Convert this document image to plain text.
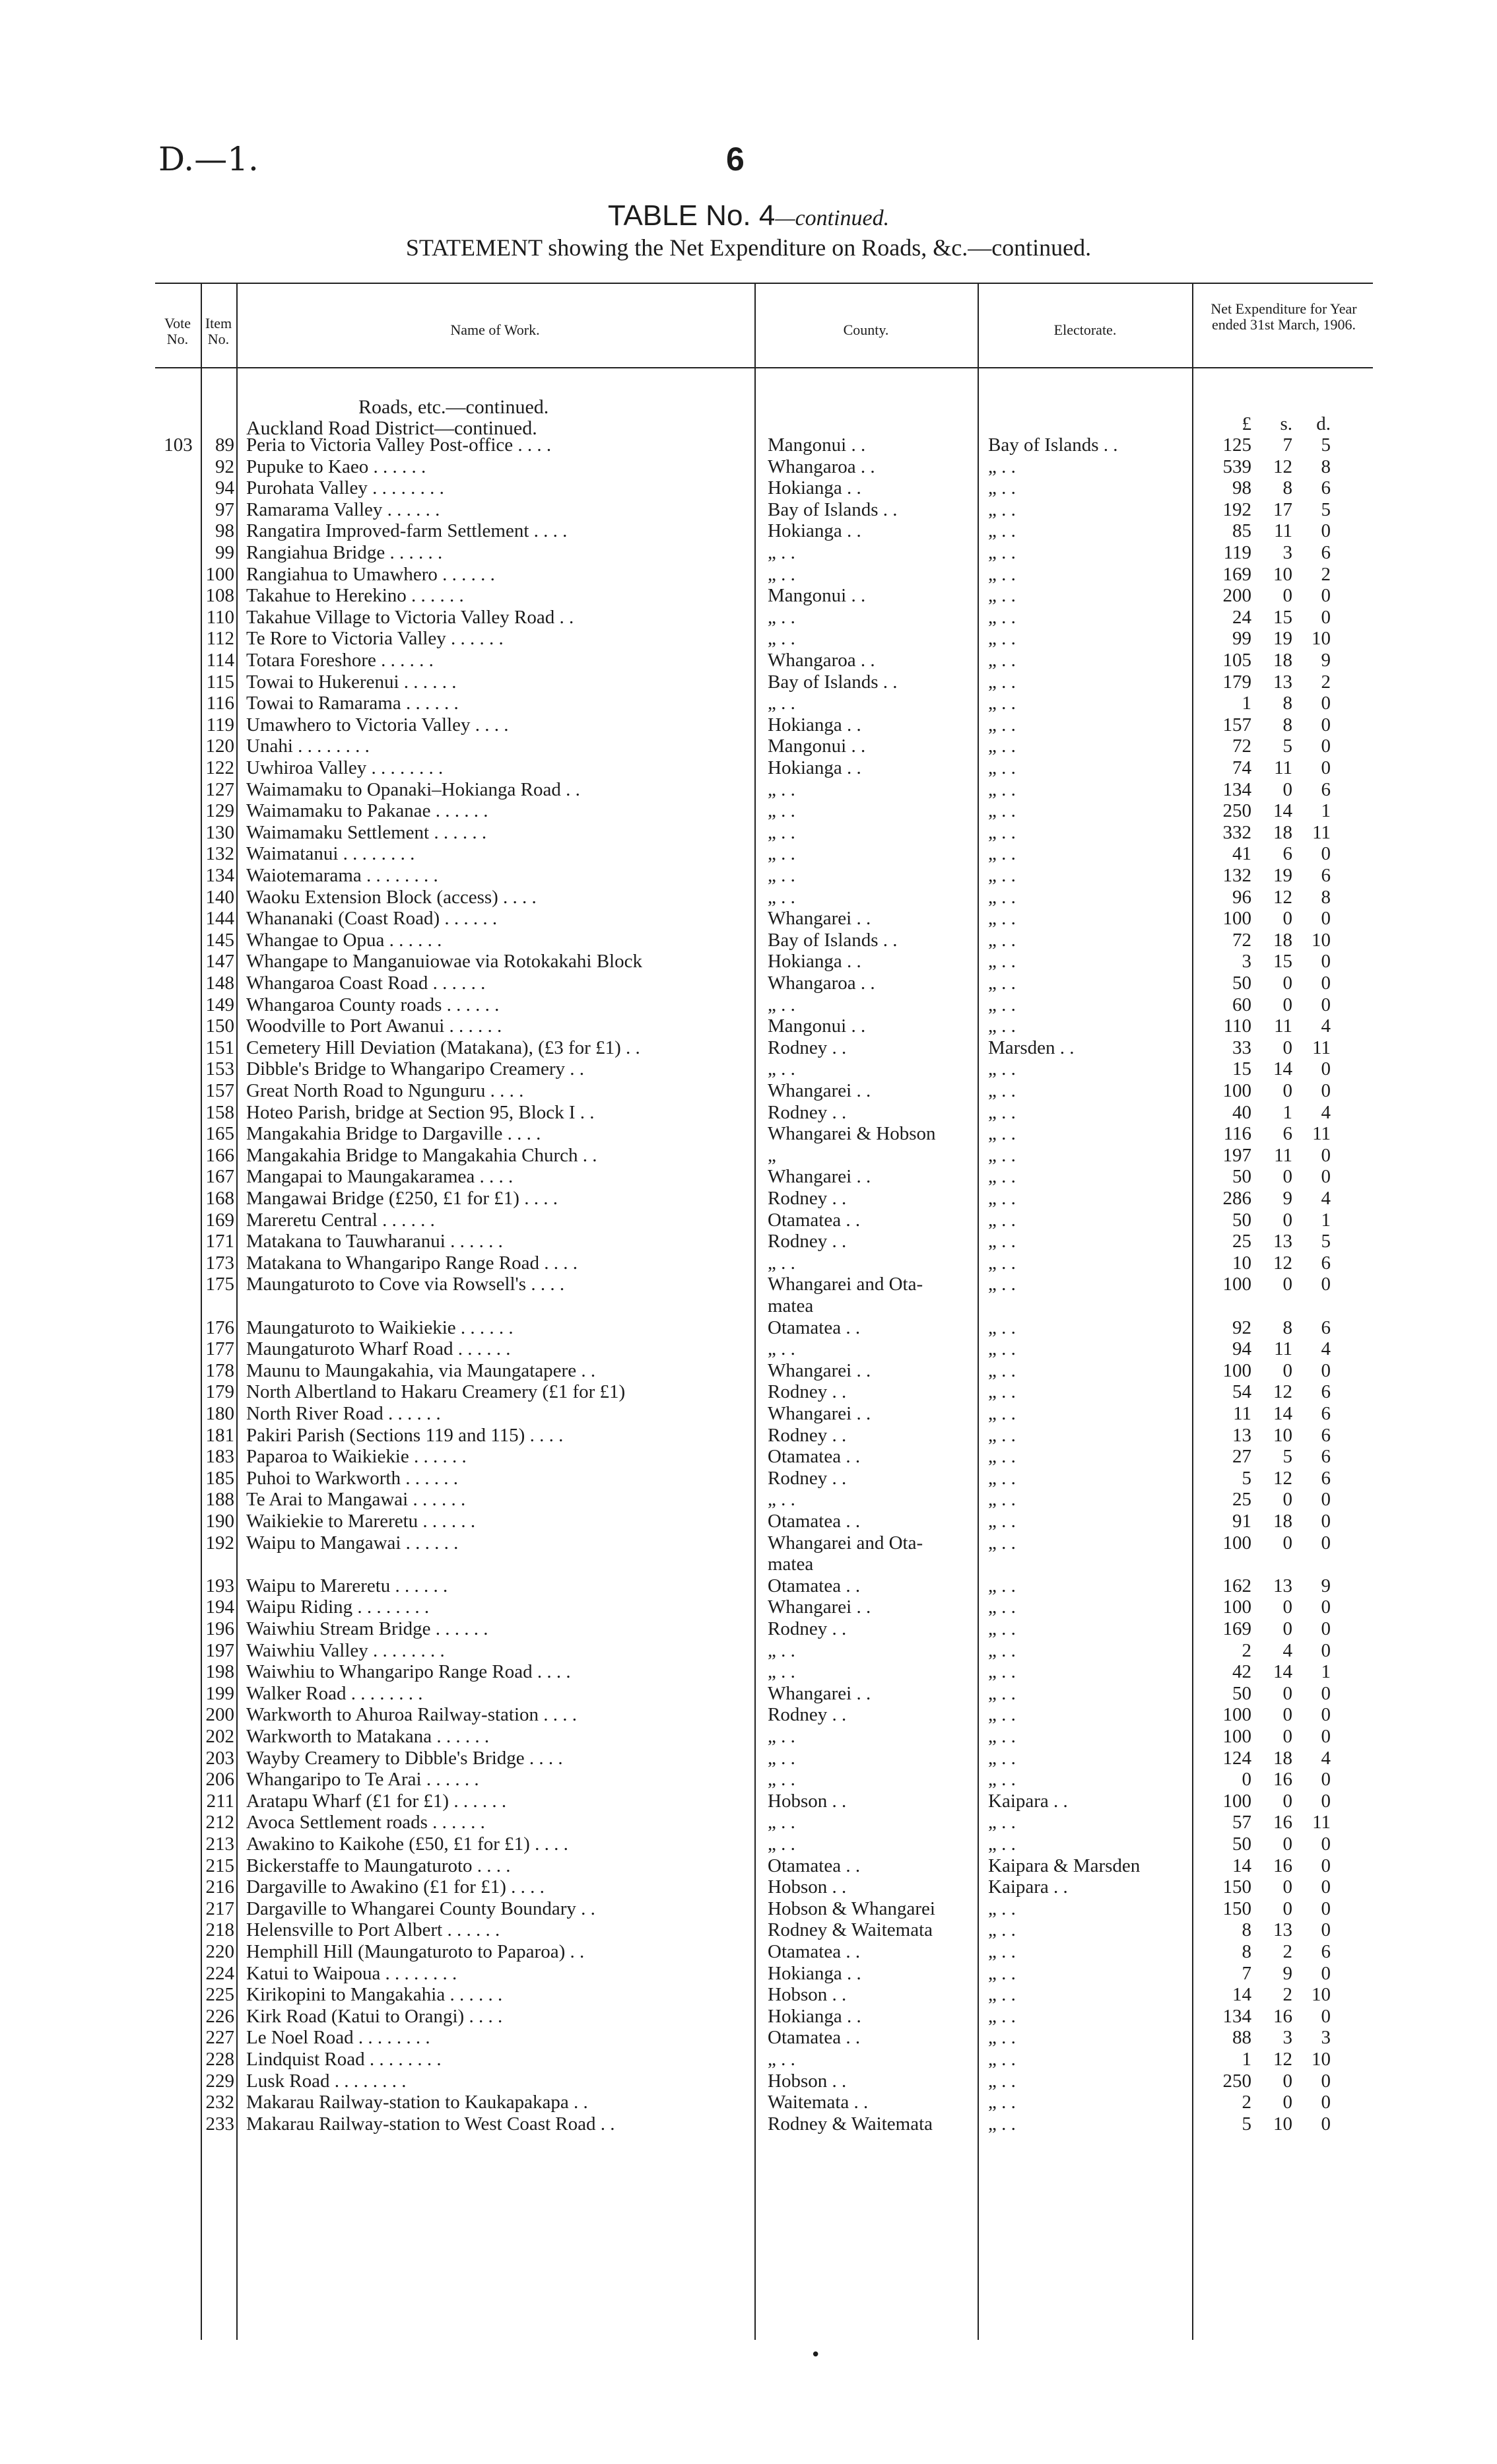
D.—1.	6
TABLE No. 4—continued.
STATEMENT showing the Net Expenditure on Roads, &c.—continued.
Vote No.
Item No.
Name of Work.	County.	Electorate.
Net Expenditure for Year ended 31st March, 1906.
Roads, etc.—continued.
Auckland Road District—continued.	£	s.	d.
103	89 Peria to Victoria Valley Post-office . . . .	Mangonui . .	Bay of Islands . .	125	7	5
92 Pupuke to Kaeo . . . . . .	Whangaroa . .	„ . .	539	12	8
94 Purohata Valley . . . . . . . .	Hokianga . .	„ . .	98	8	6
97 Ramarama Valley . . . . . .	Bay of Islands . .	„ . .	192	17	5
98 Rangatira Improved-farm Settlement . . . .	Hokianga . .	„ . .	85	11	0
99 Rangiahua Bridge . . . . . .	„ . .	„ . .	119	3	6
100 Rangiahua to Umawhero . . . . . .	„ . .	„ . .	169	10	2
108 Takahue to Herekino . . . . . .	Mangonui . .	„ . .	200	0	0
110 Takahue Village to Victoria Valley Road . .	„ . .	„ . .	24	15	0
112 Te Rore to Victoria Valley . . . . . .	„ . .	„ . .	99	19	10
114 Totara Foreshore . . . . . .	Whangaroa . .	„ . .	105	18	9
115 Towai to Hukerenui . . . . . .	Bay of Islands . .	„ . .	179	13	2
116 Towai to Ramarama . . . . . .	„ . .	„ . .	1	8	0
119 Umawhero to Victoria Valley . . . .	Hokianga . .	„ . .	157	8	0
120 Unahi . . . . . . . .	Mangonui . .	„ . .	72	5	0
122 Uwhiroa Valley . . . . . . . .	Hokianga . .	„ . .	74	11	0
127 Waimamaku to Opanaki–Hokianga Road . .	„ . .	„ . .	134	0	6
129 Waimamaku to Pakanae . . . . . .	„ . .	„ . .	250	14	1
130 Waimamaku Settlement . . . . . .	„ . .	„ . .	332	18	11
132 Waimatanui . . . . . . . .	„ . .	„ . .	41	6	0
134 Waiotemarama . . . . . . . .	„ . .	„ . .	132	19	6
140 Waoku Extension Block (access) . . . .	„ . .	„ . .	96	12	8
144 Whananaki (Coast Road) . . . . . .	Whangarei . .	„ . .	100	0	0
145 Whangae to Opua . . . . . .	Bay of Islands . .	„ . .	72	18	10
147 Whangape to Manganuiowae via Rotokakahi Block	Hokianga . .	„ . .	3	15	0
148 Whangaroa Coast Road . . . . . .	Whangaroa . .	„ . .	50	0	0
149 Whangaroa County roads . . . . . .	„ . .	„ . .	60	0	0
150 Woodville to Port Awanui . . . . . .	Mangonui . .	„ . .	110	11	4
151 Cemetery Hill Deviation (Matakana), (£3 for £1) . .	Rodney . .	Marsden . .	33	0	11
153 Dibble's Bridge to Whangaripo Creamery . .	„ . .	„ . .	15	14	0
157 Great North Road to Ngunguru . . . .	Whangarei . .	„ . .	100	0	0
158 Hoteo Parish, bridge at Section 95, Block I . .	Rodney . .	„ . .	40	1	4
165 Mangakahia Bridge to Dargaville . . . .	Whangarei & Hobson	„ . .	116	6	11
166 Mangakahia Bridge to Mangakahia Church . .	„	„ . .	197	11	0
167 Mangapai to Maungakaramea . . . .	Whangarei . .	„ . .	50	0	0
168 Mangawai Bridge (£250, £1 for £1) . . . .	Rodney . .	„ . .	286	9	4
169 Mareretu Central . . . . . .	Otamatea . .	„ . .	50	0	1
171 Matakana to Tauwharanui . . . . . .	Rodney . .	„ . .	25	13	5
173 Matakana to Whangaripo Range Road . . . .	„ . .	„ . .	10	12	6
175 Maungaturoto to Cove via Rowsell's . . . .	Whangarei and Ota-	„ . .	100	0	0
matea
176 Maungaturoto to Waikiekie . . . . . .	Otamatea . .	„ . .	92	8	6
177 Maungaturoto Wharf Road . . . . . .	„ . .	„ . .	94	11	4
178 Maunu to Maungakahia, via Maungatapere . .	Whangarei . .	„ . .	100	0	0
179 North Albertland to Hakaru Creamery (£1 for £1)	Rodney . .	„ . .	54	12	6
180 North River Road . . . . . .	Whangarei . .	„ . .	11	14	6
181 Pakiri Parish (Sections 119 and 115) . . . .	Rodney . .	„ . .	13	10	6
183 Paparoa to Waikiekie . . . . . .	Otamatea . .	„ . .	27	5	6
185 Puhoi to Warkworth . . . . . .	Rodney . .	„ . .	5	12	6
188 Te Arai to Mangawai . . . . . .	„ . .	„ . .	25	0	0
190 Waikiekie to Mareretu . . . . . .	Otamatea . .	„ . .	91	18	0
192 Waipu to Mangawai . . . . . .	Whangarei and Ota-	„ . .	100	0	0
matea
193 Waipu to Mareretu . . . . . .	Otamatea . .	„ . .	162	13	9
194 Waipu Riding . . . . . . . .	Whangarei . .	„ . .	100	0	0
196 Waiwhiu Stream Bridge . . . . . .	Rodney . .	„ . .	169	0	0
197 Waiwhiu Valley . . . . . . . .	„ . .	„ . .	2	4	0
198 Waiwhiu to Whangaripo Range Road . . . .	„ . .	„ . .	42	14	1
199 Walker Road . . . . . . . .	Whangarei . .	„ . .	50	0	0
200 Warkworth to Ahuroa Railway-station . . . .	Rodney . .	„ . .	100	0	0
202 Warkworth to Matakana . . . . . .	„ . .	„ . .	100	0	0
203 Wayby Creamery to Dibble's Bridge . . . .	„ . .	„ . .	124	18	4
206 Whangaripo to Te Arai . . . . . .	„ . .	„ . .	0	16	0
211 Aratapu Wharf (£1 for £1) . . . . . .	Hobson . .	Kaipara . .	100	0	0
212 Avoca Settlement roads . . . . . .	„ . .	„ . .	57	16	11
213 Awakino to Kaikohe (£50, £1 for £1) . . . .	„ . .	„ . .	50	0	0
215 Bickerstaffe to Maungaturoto . . . .	Otamatea . .	Kaipara & Marsden	14	16	0
216 Dargaville to Awakino (£1 for £1) . . . .	Hobson . .	Kaipara . .	150	0	0
217 Dargaville to Whangarei County Boundary . .	Hobson & Whangarei	„ . .	150	0	0
218 Helensville to Port Albert . . . . . .	Rodney & Waitemata	„ . .	8	13	0
220 Hemphill Hill (Maungaturoto to Paparoa) . .	Otamatea . .	„ . .	8	2	6
224 Katui to Waipoua . . . . . . . .	Hokianga . .	„ . .	7	9	0
225 Kirikopini to Mangakahia . . . . . .	Hobson . .	„ . .	14	2	10
226 Kirk Road (Katui to Orangi) . . . .	Hokianga . .	„ . .	134	16	0
227 Le Noel Road . . . . . . . .	Otamatea . .	„ . .	88	3	3
228 Lindquist Road . . . . . . . .	„ . .	„ . .	1	12	10
229 Lusk Road . . . . . . . .	Hobson . .	„ . .	250	0	0
232 Makarau Railway-station to Kaukapakapa . .	Waitemata . .	„ . .	2	0	0
233 Makarau Railway-station to West Coast Road . .	Rodney & Waitemata	„ . .	5	10	0
•
